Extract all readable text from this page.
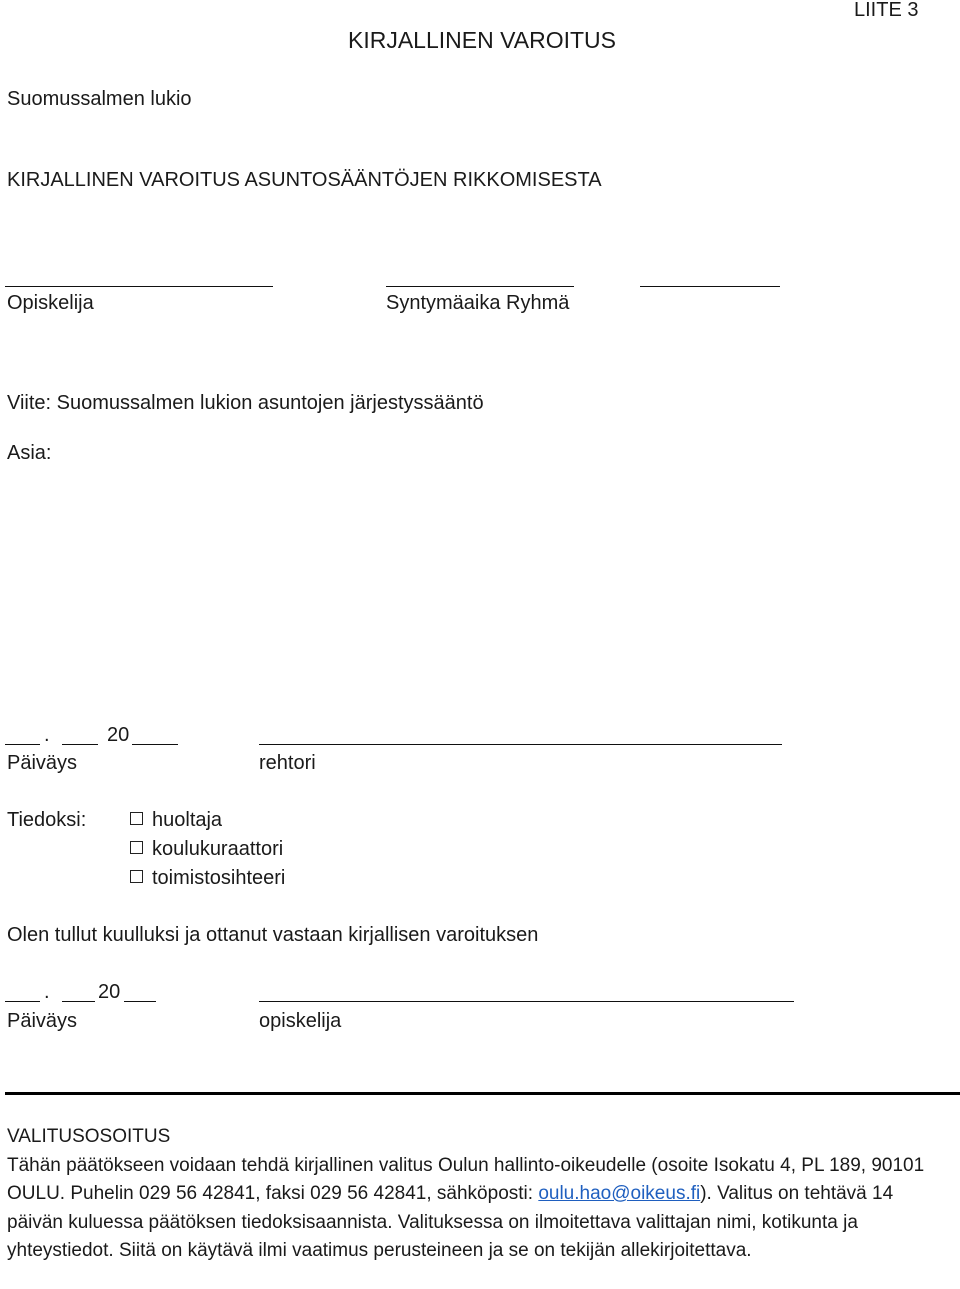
LIITE 3
KIRJALLINEN VAROITUS
Suomussalmen lukio
KIRJALLINEN VAROITUS ASUNTOSÄÄNTÖJEN RIKKOMISESTA
Opiskelija	Syntymäaika Ryhmä
Viite: Suomussalmen lukion asuntojen järjestyssääntö
Asia:
.	20
Päiväys	rehtori
Tiedoksi:	huoltaja
koulukuraattori
toimistosihteeri
Olen tullut kuulluksi ja ottanut vastaan kirjallisen varoituksen
. 20
Päiväys	opiskelija

VALITUSOSOITUS

Tähän päätökseen voidaan tehdä kirjallinen valitus Oulun hallinto-oikeudelle (osoite Isokatu 4, PL 189, 90101 OULU. Puhelin 029 56 42841, faksi 029 56 42841, sähköposti: oulu.hao@oikeus.fi). Valitus on tehtävä 14 päivän kuluessa päätöksen tiedoksisaannista. Valituksessa on ilmoitettava valittajan nimi, kotikunta ja yhteystiedot. Siitä on käytävä ilmi vaatimus perusteineen ja se on tekijän allekirjoitettava.
